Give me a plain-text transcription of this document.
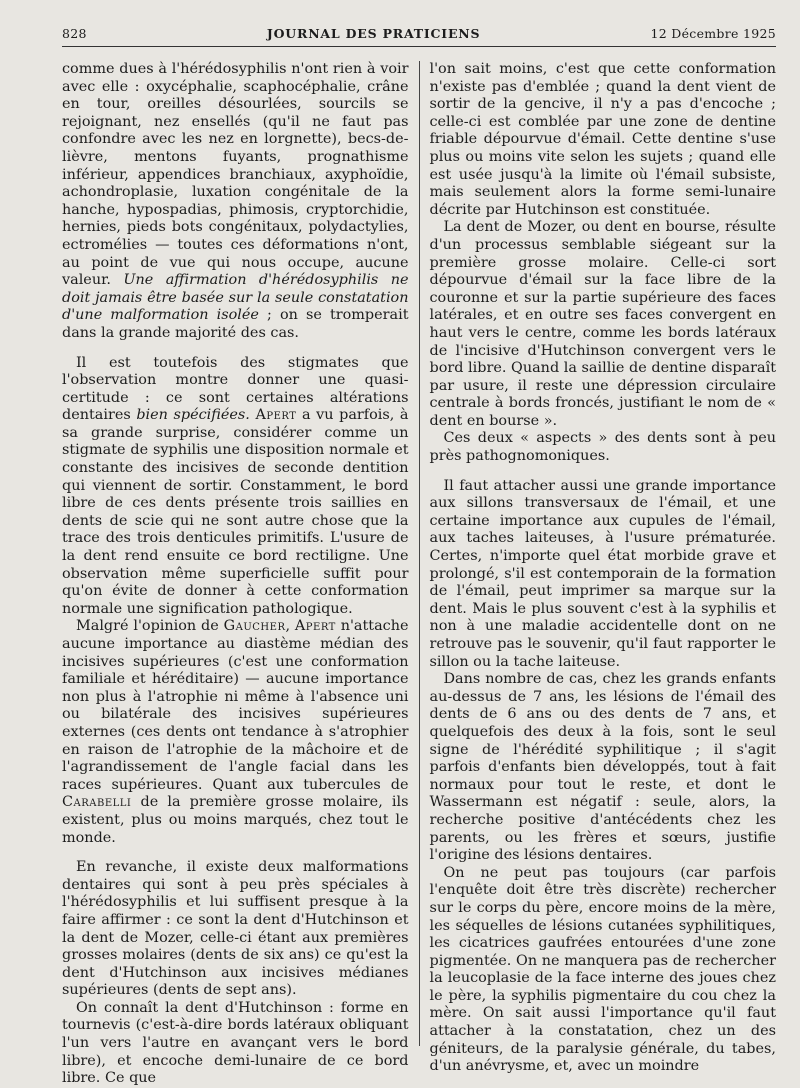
828	JOURNAL DES PRATICIENS	12 Décembre 1925

comme dues à l'hérédosyphilis n'ont rien à voir avec elle : oxycéphalie, scaphocéphalie, crâne en tour, oreilles désourlées, sourcils se rejoignant, nez ensellés (qu'il ne faut pas confondre avec les nez en lorgnette), becs-de-lièvre, mentons fuyants, prognathisme inférieur, appendices branchiaux, axyphoïdie, achondroplasie, luxation congénitale de la hanche, hypospadias, phimosis, cryptorchidie, hernies, pieds bots congénitaux, polydactylies, ectromélies — toutes ces déformations n'ont, au point de vue qui nous occupe, aucune valeur. Une affirmation d'hérédosyphilis ne doit jamais être basée sur la seule constatation d'une malformation isolée ; on se tromperait dans la grande majorité des cas.

Il est toutefois des stigmates que l'observation montre donner une quasi-certitude : ce sont certaines altérations dentaires bien spécifiées. Apert a vu parfois, à sa grande surprise, considérer comme un stigmate de syphilis une disposition normale et constante des incisives de seconde dentition qui viennent de sortir. Constamment, le bord libre de ces dents présente trois saillies en dents de scie qui ne sont autre chose que la trace des trois denticules primitifs. L'usure de la dent rend ensuite ce bord rectiligne. Une observation même superficielle suffit pour qu'on évite de donner à cette conformation normale une signification pathologique.

Malgré l'opinion de Gaucher, Apert n'attache aucune importance au diastème médian des incisives supérieures (c'est une conformation familiale et héréditaire) — aucune importance non plus à l'atrophie ni même à l'absence uni ou bilatérale des incisives supérieures externes (ces dents ont tendance à s'atrophier en raison de l'atrophie de la mâchoire et de l'agrandissement de l'angle facial dans les races supérieures. Quant aux tubercules de Carabelli de la première grosse molaire, ils existent, plus ou moins marqués, chez tout le monde.

En revanche, il existe deux malformations dentaires qui sont à peu près spéciales à l'hérédosyphilis et lui suffisent presque à la faire affirmer : ce sont la dent d'Hutchinson et la dent de Mozer, celle-ci étant aux premières grosses molaires (dents de six ans) ce qu'est la dent d'Hutchinson aux incisives médianes supérieures (dents de sept ans).

On connaît la dent d'Hutchinson : forme en tournevis (c'est-à-dire bords latéraux obliquant l'un vers l'autre en avançant vers le bord libre), et encoche demi-lunaire de ce bord libre. Ce que

l'on sait moins, c'est que cette conformation n'existe pas d'emblée ; quand la dent vient de sortir de la gencive, il n'y a pas d'encoche ; celle-ci est comblée par une zone de dentine friable dépourvue d'émail. Cette dentine s'use plus ou moins vite selon les sujets ; quand elle est usée jusqu'à la limite où l'émail subsiste, mais seulement alors la forme semi-lunaire décrite par Hutchinson est constituée.

La dent de Mozer, ou dent en bourse, résulte d'un processus semblable siégeant sur la première grosse molaire. Celle-ci sort dépourvue d'émail sur la face libre de la couronne et sur la partie supérieure des faces latérales, et en outre ses faces convergent en haut vers le centre, comme les bords latéraux de l'incisive d'Hutchinson convergent vers le bord libre. Quand la saillie de dentine disparaît par usure, il reste une dépression circulaire centrale à bords froncés, justifiant le nom de « dent en bourse ».

Ces deux « aspects » des dents sont à peu près pathognomoniques.

Il faut attacher aussi une grande importance aux sillons transversaux de l'émail, et une certaine importance aux cupules de l'émail, aux taches laiteuses, à l'usure prématurée. Certes, n'importe quel état morbide grave et prolongé, s'il est contemporain de la formation de l'émail, peut imprimer sa marque sur la dent. Mais le plus souvent c'est à la syphilis et non à une maladie accidentelle dont on ne retrouve pas le souvenir, qu'il faut rapporter le sillon ou la tache laiteuse.

Dans nombre de cas, chez les grands enfants au-dessus de 7 ans, les lésions de l'émail des dents de 6 ans ou des dents de 7 ans, et quelquefois des deux à la fois, sont le seul signe de l'hérédité syphilitique ; il s'agit parfois d'enfants bien développés, tout à fait normaux pour tout le reste, et dont le Wassermann est négatif : seule, alors, la recherche positive d'antécédents chez les parents, ou les frères et sœurs, justifie l'origine des lésions dentaires.

On ne peut pas toujours (car parfois l'enquête doit être très discrète) rechercher sur le corps du père, encore moins de la mère, les séquelles de lésions cutanées syphilitiques, les cicatrices gaufrées entourées d'une zone pigmentée. On ne manquera pas de rechercher la leucoplasie de la face interne des joues chez le père, la syphilis pigmentaire du cou chez la mère. On sait aussi l'importance qu'il faut attacher à la constatation, chez un des géniteurs, de la paralysie générale, du tabes, d'un anévrysme, et, avec un moindre
